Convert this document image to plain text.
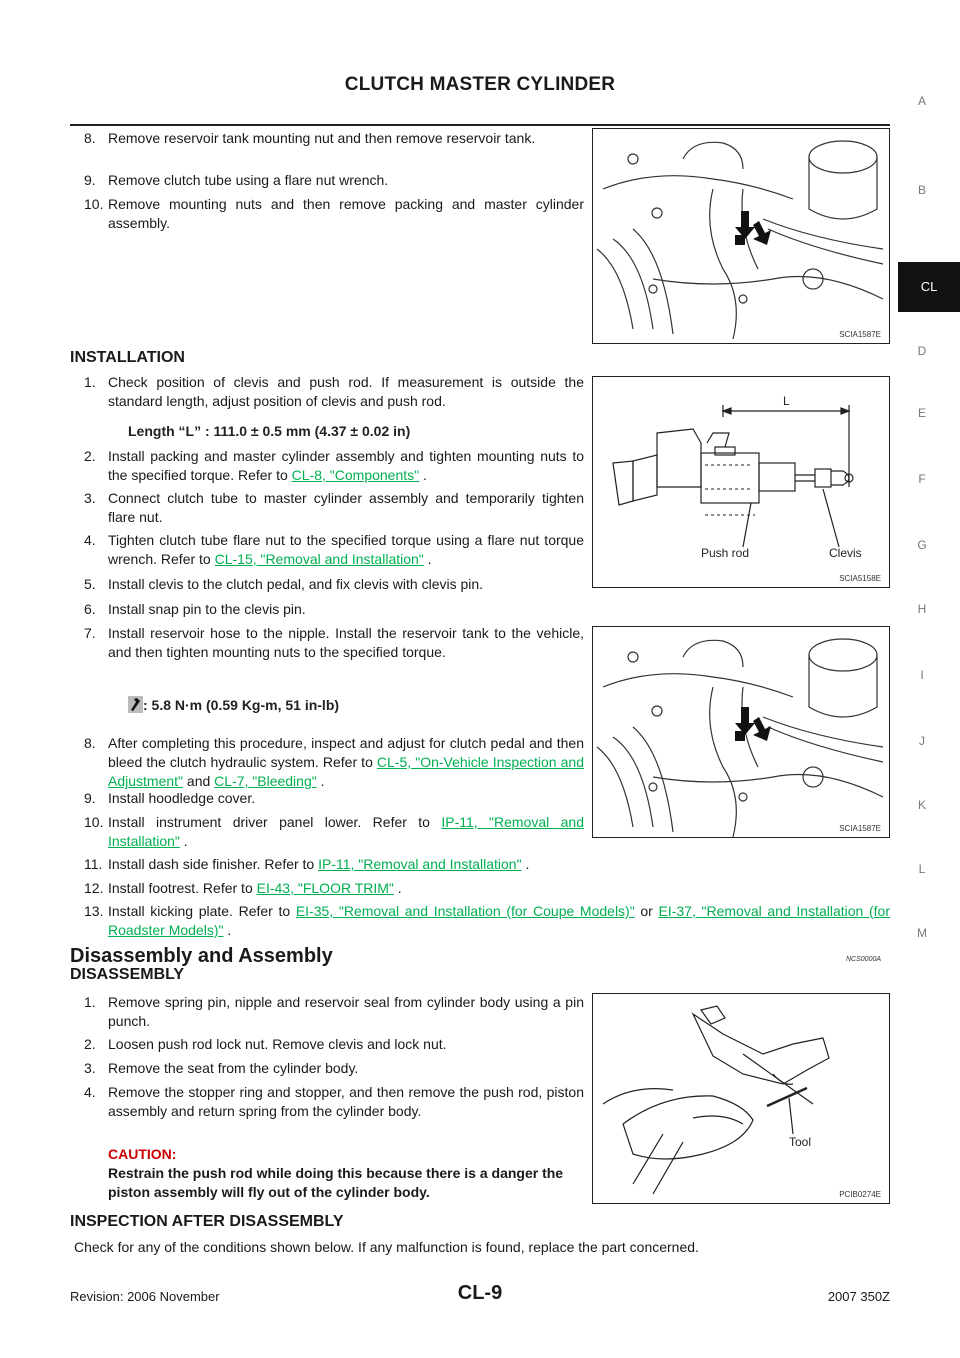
CLUTCH MASTER CYLINDER
A
B
CL
D
E
F
G
H
I
J
K
L
M
8. Remove reservoir tank mounting nut and then remove reservoir tank.
9. Remove clutch tube using a flare nut wrench.
10. Remove mounting nuts and then remove packing and master cylinder assembly.
SCIA1587E
INSTALLATION
1. Check position of clevis and push rod. If measurement is outside the standard length, adjust position of clevis and push rod.
Length “L” : 111.0 ± 0.5 mm (4.37 ± 0.02 in)
2. Install packing and master cylinder assembly and tighten mounting nuts to the specified torque. Refer to CL-8, "Components" .
3. Connect clutch tube to master cylinder assembly and temporarily tighten flare nut.
4. Tighten clutch tube flare nut to the specified torque using a flare nut torque wrench. Refer to CL-15, "Removal and Installation" .
5. Install clevis to the clutch pedal, and fix clevis with clevis pin.
6. Install snap pin to the clevis pin.
7. Install reservoir hose to the nipple. Install the reservoir tank to the vehicle, and then tighten mounting nuts to the specified torque.
: 5.8 N·m (0.59 Kg-m, 51 in-lb)
8. After completing this procedure, inspect and adjust for clutch pedal and then bleed the clutch hydraulic system. Refer to CL-5, "On-Vehicle Inspection and Adjustment" and CL-7, "Bleeding" .
9. Install hoodledge cover.
10. Install instrument driver panel lower. Refer to IP-11, "Removal and Installation" .
11. Install dash side finisher. Refer to IP-11, "Removal and Installation" .
12. Install footrest. Refer to EI-43, "FLOOR TRIM" .
13. Install kicking plate. Refer to EI-35, "Removal and Installation (for Coupe Models)" or EI-37, "Removal and Installation (for Roadster Models)" .
L
Push rod	Clevis
SCIA5158E
SCIA1587E
Disassembly and Assembly	NCS0000A
DISASSEMBLY
1. Remove spring pin, nipple and reservoir seal from cylinder body using a pin punch.
2. Loosen push rod lock nut. Remove clevis and lock nut.
3. Remove the seat from the cylinder body.
4. Remove the stopper ring and stopper, and then remove the push rod, piston assembly and return spring from the cylinder body.
CAUTION:
Restrain the push rod while doing this because there is a danger the piston assembly will fly out of the cylinder body.
Tool
PCIB0274E
INSPECTION AFTER DISASSEMBLY
Check for any of the conditions shown below. If any malfunction is found, replace the part concerned.
CL-9
Revision: 2006 November	2007 350Z
